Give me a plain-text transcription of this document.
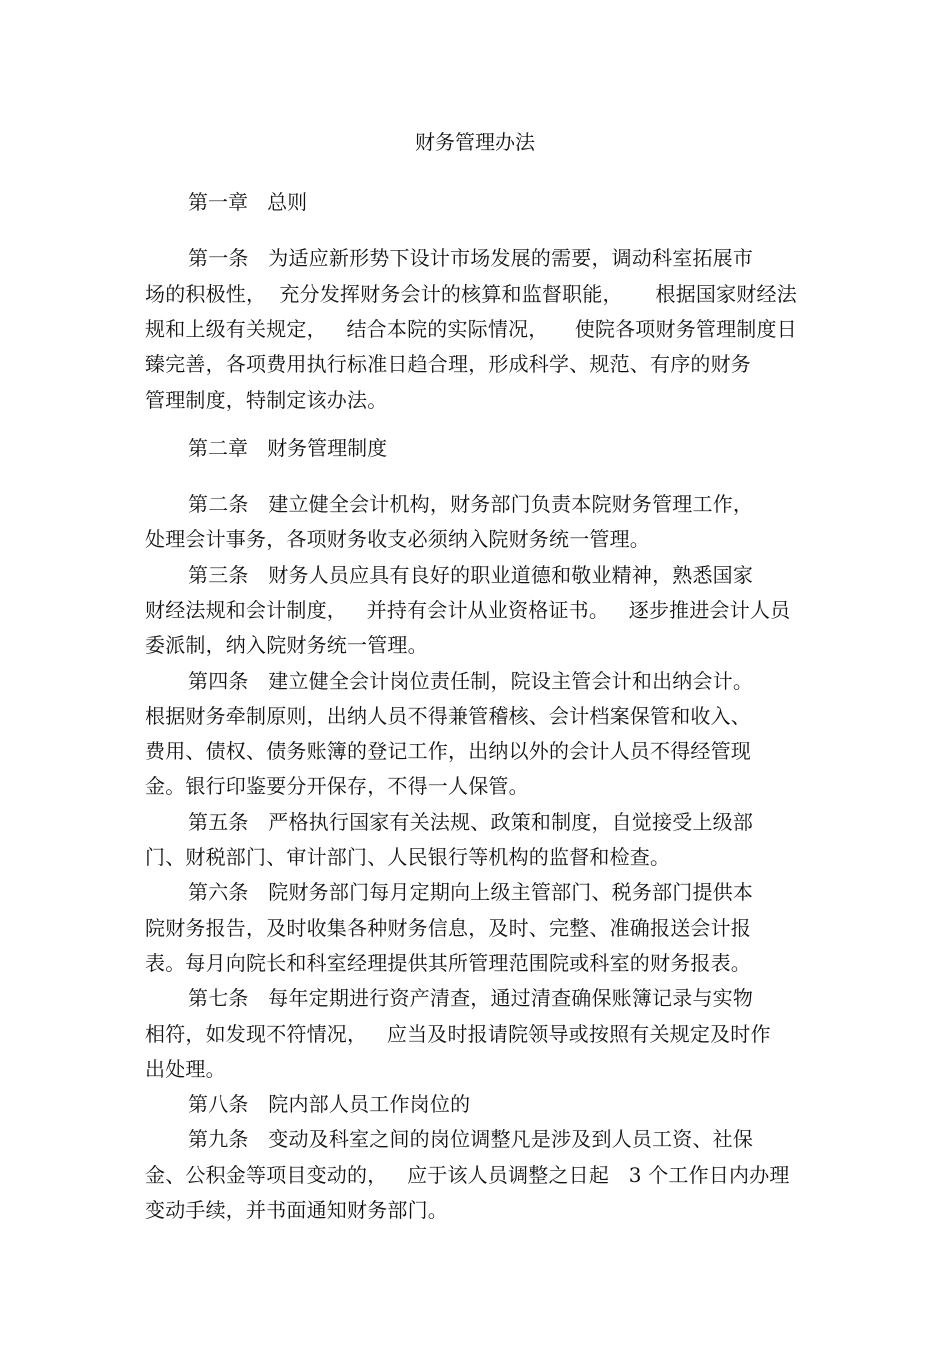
财务管理办法
第一章   总则
第一条   为适应新形势下设计市场发展的需要，调动科室拓展市
场的积极性，  充分发挥财务会计的核算和监督职能，     根据国家财经法
规和上级有关规定，   结合本院的实际情况，    使院各项财务管理制度日
臻完善，各项费用执行标准日趋合理，形成科学、规范、有序的财务
管理制度，特制定该办法。
第二章   财务管理制度
第二条   建立健全会计机构，财务部门负责本院财务管理工作，
处理会计事务，各项财务收支必须纳入院财务统一管理。
第三条   财务人员应具有良好的职业道德和敬业精神，熟悉国家
财经法规和会计制度，   并持有会计从业资格证书。   逐步推进会计人员
委派制，纳入院财务统一管理。
第四条   建立健全会计岗位责任制，院设主管会计和出纳会计。
根据财务牵制原则，出纳人员不得兼管稽核、会计档案保管和收入、
费用、债权、债务账簿的登记工作，出纳以外的会计人员不得经管现
金。银行印鉴要分开保存，不得一人保管。
第五条   严格执行国家有关法规、政策和制度，自觉接受上级部
门、财税部门、审计部门、人民银行等机构的监督和检查。
第六条   院财务部门每月定期向上级主管部门、税务部门提供本
院财务报告，及时收集各种财务信息，及时、完整、准确报送会计报
表。每月向院长和科室经理提供其所管理范围院或科室的财务报表。
第七条   每年定期进行资产清查，通过清查确保账簿记录与实物
相符，如发现不符情况，   应当及时报请院领导或按照有关规定及时作
出处理。
第八条   院内部人员工作岗位的
第九条   变动及科室之间的岗位调整凡是涉及到人员工资、社保
金、公积金等项目变动的，   应于该人员调整之日起   3 个工作日内办理
变动手续，并书面通知财务部门。
